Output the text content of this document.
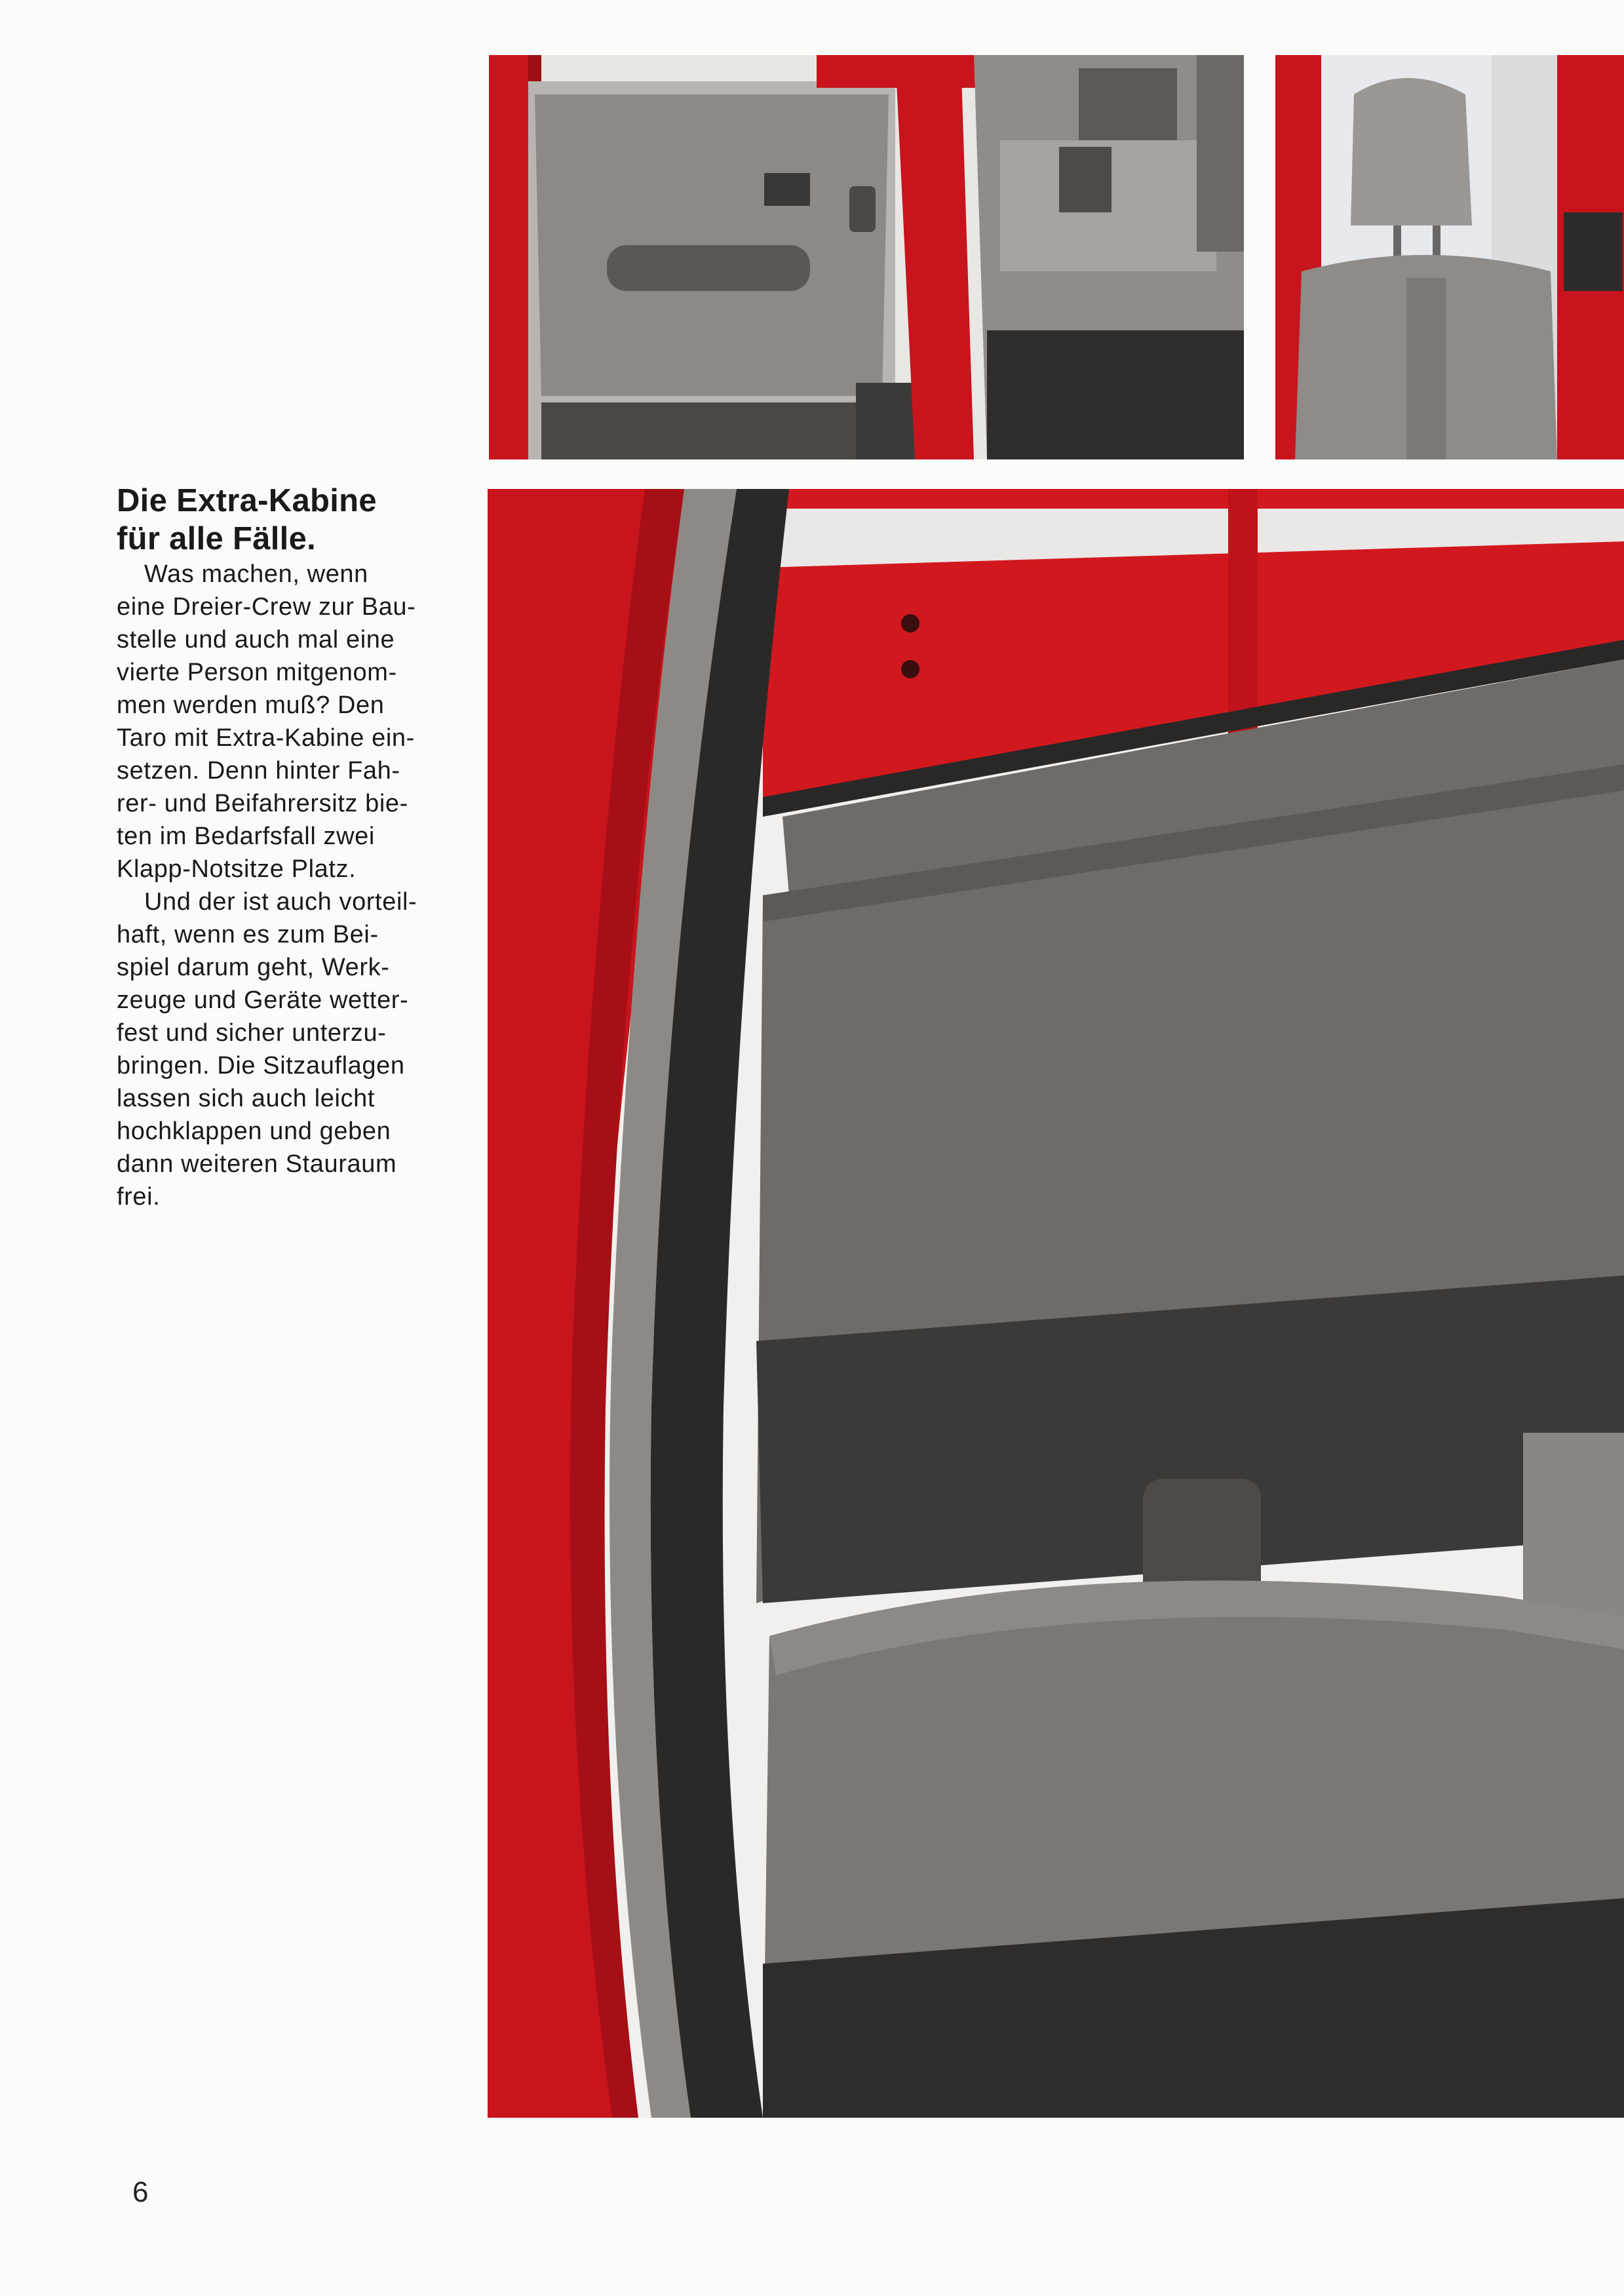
Die Extra-Kabine
für alle Fälle.

Was machen, wenn
eine Dreier-Crew zur Bau-
stelle und auch mal eine
vierte Person mitgenom-
men werden muß? Den
Taro mit Extra-Kabine ein-
setzen. Denn hinter Fah-
rer- und Beifahrersitz bie-
ten im Bedarfsfall zwei
Klapp-Notsitze Platz.

Und der ist auch vorteil-
haft, wenn es zum Bei-
spiel darum geht, Werk-
zeuge und Geräte wetter-
fest und sicher unterzu-
bringen. Die Sitzauflagen
lassen sich auch leicht
hochklappen und geben
dann weiteren Stauraum
frei.

6
